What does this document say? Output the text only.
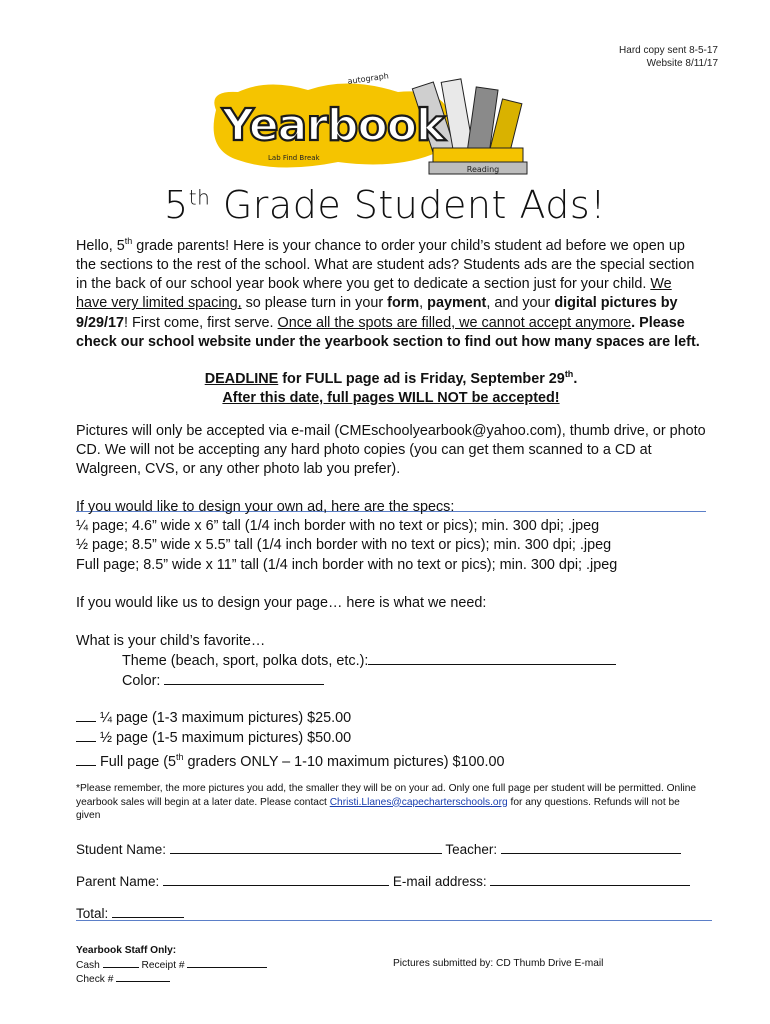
Hard copy sent 8-5-17
Website 8/11/17
Reading
autograph
Yearbook
Lab Find Break
5th Grade Student Ads!
Hello, 5th grade parents! Here is your chance to order your child’s student ad before we open up the sections to the rest of the school. What are student ads? Students ads are the special section in the back of our school year book where you get to dedicate a section just for your child. We have very limited spacing, so please turn in your form, payment, and your digital pictures by 9/29/17! First come, first serve. Once all the spots are filled, we cannot accept anymore. Please check our school website under the yearbook section to find out how many spaces are left.
DEADLINE for FULL page ad is Friday, September 29th.
After this date, full pages WILL NOT be accepted!
Pictures will only be accepted via e-mail (CMEschoolyearbook@yahoo.com), thumb drive, or photo CD. We will not be accepting any hard photo copies (you can get them scanned to a CD at Walgreen, CVS, or any other photo lab you prefer).
If you would like to design your own ad, here are the specs:
¼ page; 4.6” wide x 6” tall (1/4 inch border with no text or pics); min. 300 dpi; .jpeg
½ page; 8.5” wide x 5.5” tall (1/4 inch border with no text or pics); min. 300 dpi; .jpeg
Full page; 8.5” wide x 11” tall (1/4 inch border with no text or pics); min. 300 dpi; .jpeg
If you would like us to design your page… here is what we need:
What is your child’s favorite…
Theme (beach, sport, polka dots, etc.):
Color:
¼ page (1-3 maximum pictures) $25.00
½ page (1-5 maximum pictures) $50.00
Full page (5th graders ONLY – 1-10 maximum pictures) $100.00
*Please remember, the more pictures you add, the smaller they will be on your ad. Only one full page per student will be permitted. Online yearbook sales will begin at a later date. Please contact Christi.Llanes@capecharterschools.org for any questions. Refunds will not be given
Student Name:	Teacher:
Parent Name:	E-mail address:
Total:
Yearbook Staff Only:
Cash	Receipt #
Check #
Pictures submitted by: CD Thumb Drive E-mail
